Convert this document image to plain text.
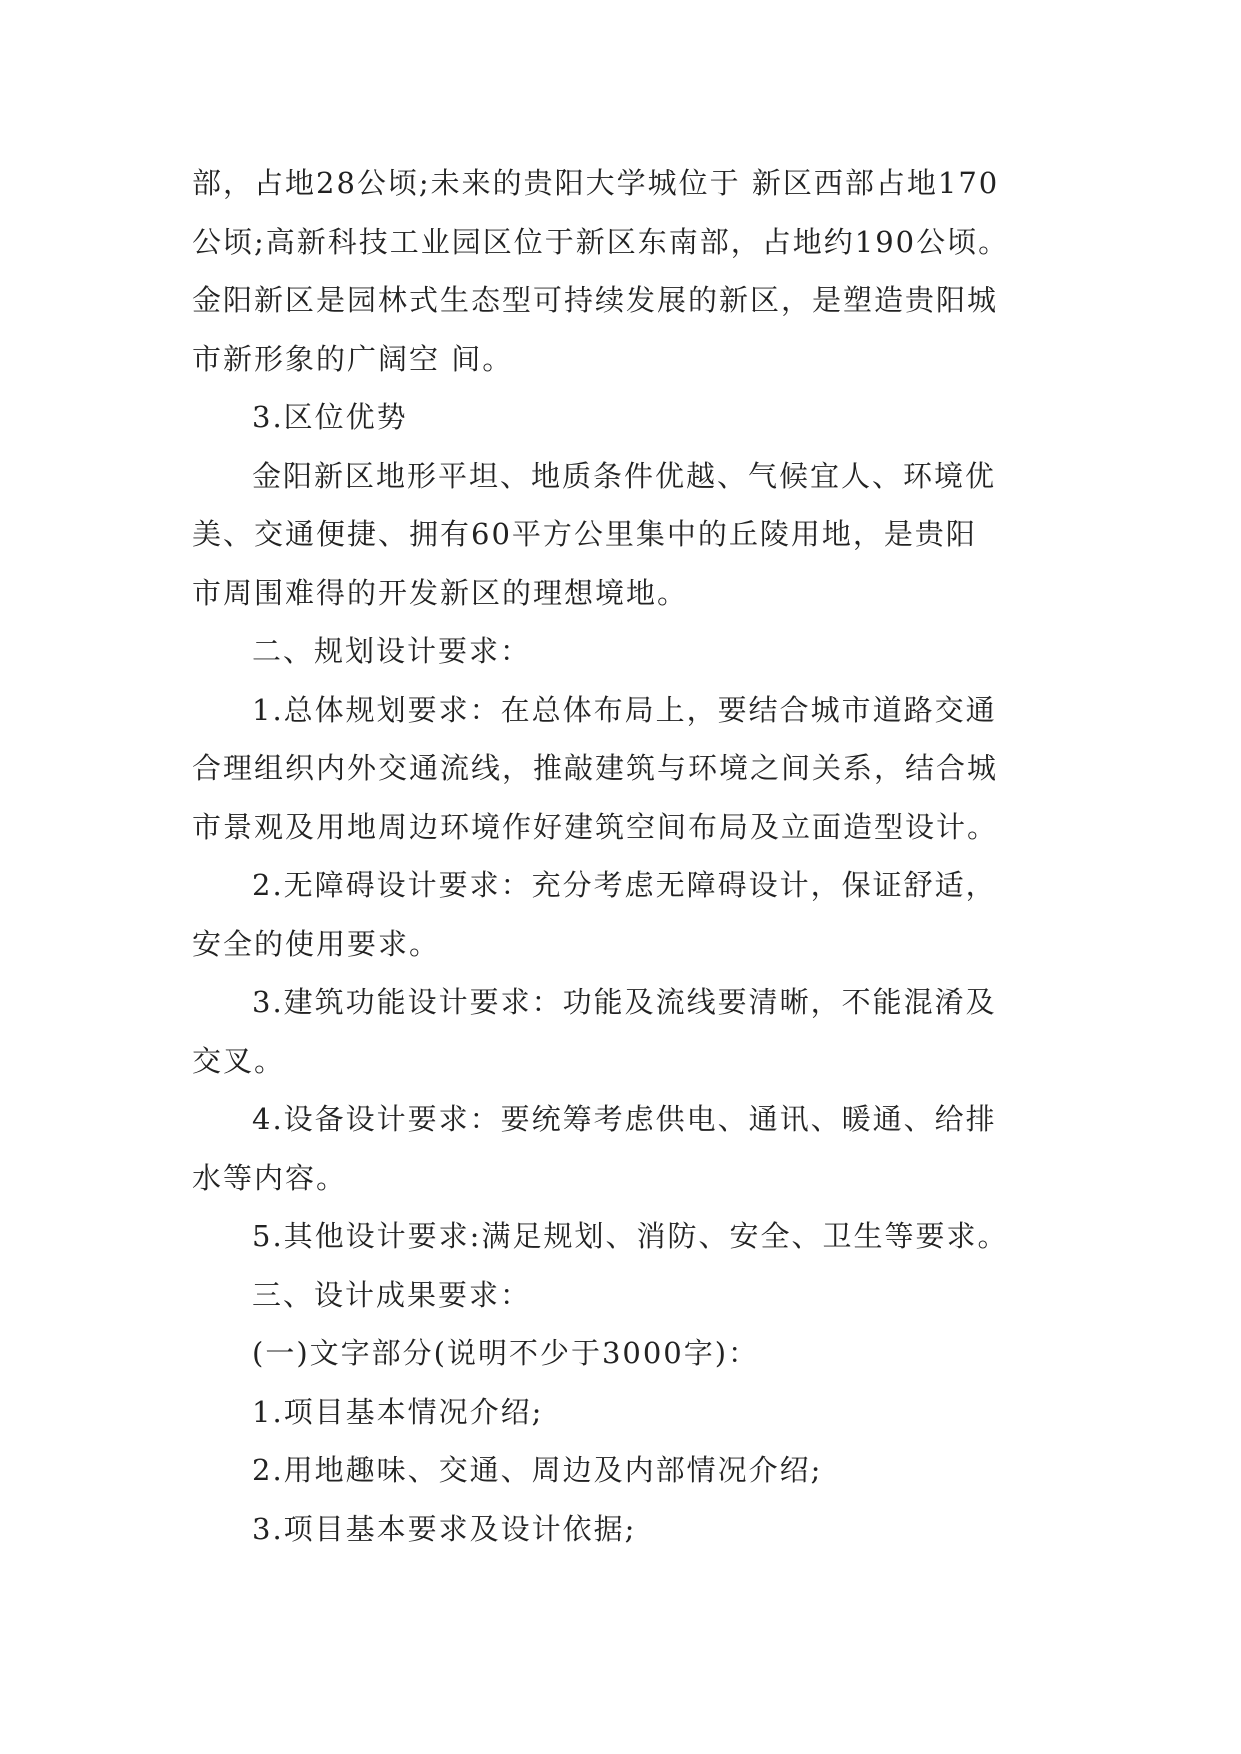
部，占地28公顷;未来的贵阳大学城位于 新区西部占地170

公顷;高新科技工业园区位于新区东南部，占地约190公顷。

金阳新区是园林式生态型可持续发展的新区，是塑造贵阳城

市新形象的广阔空 间。

3.区位优势

金阳新区地形平坦、地质条件优越、气候宜人、环境优

美、交通便捷、拥有60平方公里集中的丘陵用地，是贵阳

市周围难得的开发新区的理想境地。

二、规划设计要求：

1.总体规划要求：在总体布局上，要结合城市道路交通

合理组织内外交通流线，推敲建筑与环境之间关系，结合城

市景观及用地周边环境作好建筑空间布局及立面造型设计。

2.无障碍设计要求：充分考虑无障碍设计，保证舒适，

安全的使用要求。

3.建筑功能设计要求：功能及流线要清晰，不能混淆及

交叉。

4.设备设计要求：要统筹考虑供电、通讯、暖通、给排

水等内容。

5.其他设计要求:满足规划、消防、安全、卫生等要求。

三、设计成果要求：

(一)文字部分(说明不少于3000字)：

1.项目基本情况介绍;

2.用地趣味、交通、周边及内部情况介绍;

3.项目基本要求及设计依据;
